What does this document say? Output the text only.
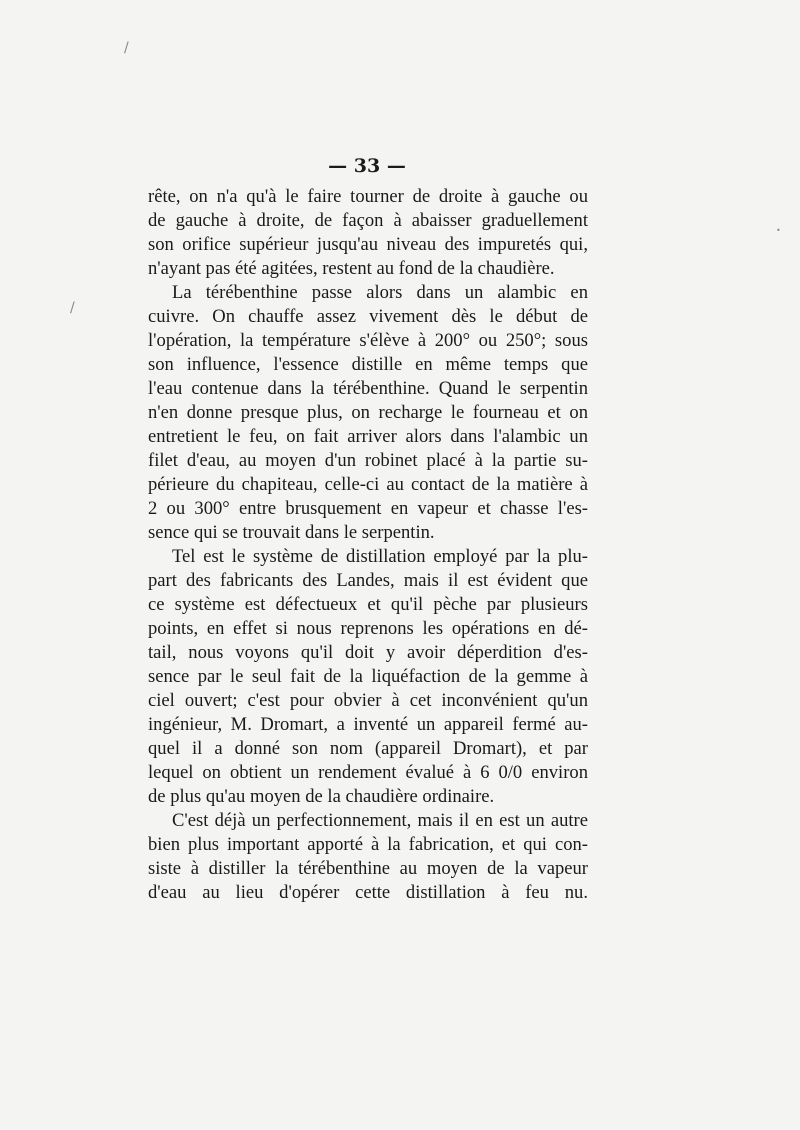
/
/
•
— 33 —
rête, on n'a qu'à le faire tourner de droite à gauche ou
de gauche à droite, de façon à abaisser graduellement
son orifice supérieur jusqu'au niveau des impuretés qui,
n'ayant pas été agitées, restent au fond de la chaudière.
La térébenthine passe alors dans un alambic en
cuivre. On chauffe assez vivement dès le début de
l'opération, la température s'élève à 200° ou 250°; sous
son influence, l'essence distille en même temps que
l'eau contenue dans la térébenthine. Quand le serpentin
n'en donne presque plus, on recharge le fourneau et on
entretient le feu, on fait arriver alors dans l'alambic un
filet d'eau, au moyen d'un robinet placé à la partie su-
périeure du chapiteau, celle-ci au contact de la matière à
2 ou 300° entre brusquement en vapeur et chasse l'es-
sence qui se trouvait dans le serpentin.
Tel est le système de distillation employé par la plu-
part des fabricants des Landes, mais il est évident que
ce système est défectueux et qu'il pèche par plusieurs
points, en effet si nous reprenons les opérations en dé-
tail, nous voyons qu'il doit y avoir déperdition d'es-
sence par le seul fait de la liquéfaction de la gemme à
ciel ouvert; c'est pour obvier à cet inconvénient qu'un
ingénieur, M. Dromart, a inventé un appareil fermé au-
quel il a donné son nom (appareil Dromart), et par
lequel on obtient un rendement évalué à 6 0/0 environ
de plus qu'au moyen de la chaudière ordinaire.
C'est déjà un perfectionnement, mais il en est un autre
bien plus important apporté à la fabrication, et qui con-
siste à distiller la térébenthine au moyen de la vapeur
d'eau au lieu d'opérer cette distillation à feu nu.
